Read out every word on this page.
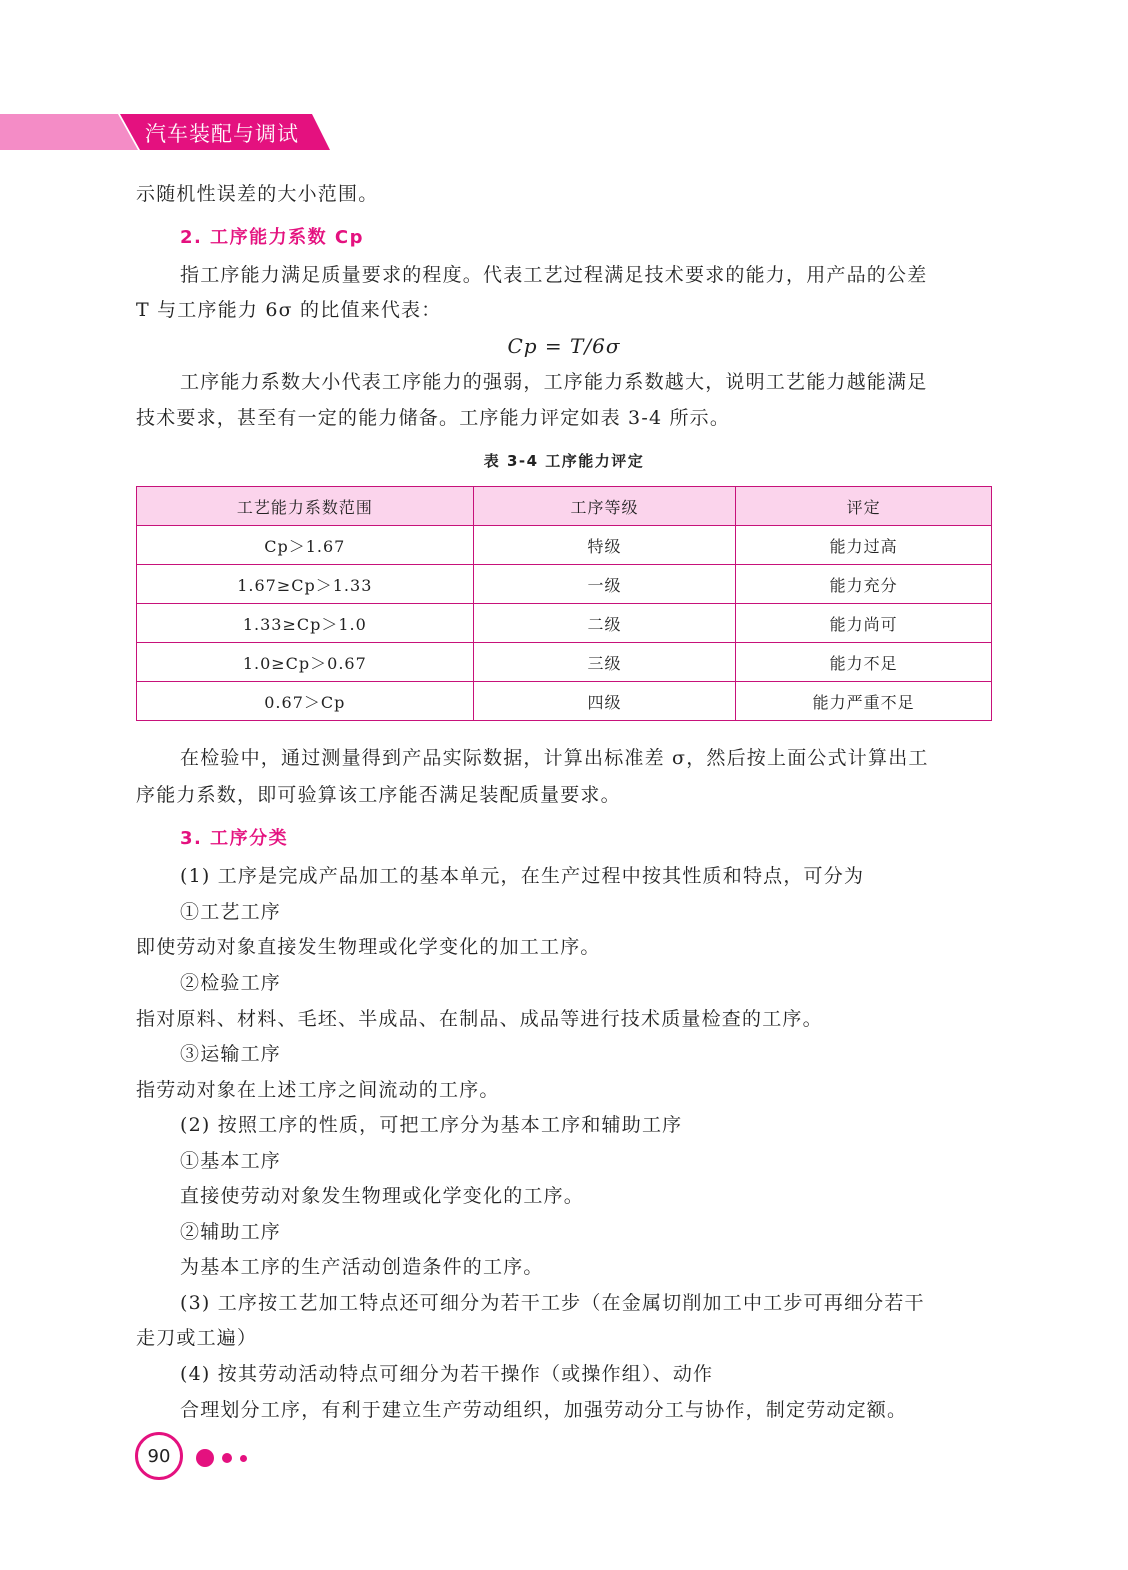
汽车装配与调试
示随机性误差的大小范围。
2. 工序能力系数 Cp
指工序能力满足质量要求的程度。代表工艺过程满足技术要求的能力，用产品的公差
T 与工序能力 6σ 的比值来代表：
Cp = T/6σ
工序能力系数大小代表工序能力的强弱，工序能力系数越大，说明工艺能力越能满足
技术要求，甚至有一定的能力储备。工序能力评定如表 3-4 所示。
表 3-4 工序能力评定
工艺能力系数范围	工序等级	评定
Cp＞1.67	特级	能力过高
1.67≥Cp＞1.33	一级	能力充分
1.33≥Cp＞1.0	二级	能力尚可
1.0≥Cp＞0.67	三级	能力不足
0.67＞Cp	四级	能力严重不足
在检验中，通过测量得到产品实际数据，计算出标准差 σ，然后按上面公式计算出工
序能力系数，即可验算该工序能否满足装配质量要求。
3. 工序分类
(1) 工序是完成产品加工的基本单元，在生产过程中按其性质和特点，可分为
①工艺工序
即使劳动对象直接发生物理或化学变化的加工工序。
②检验工序
指对原料、材料、毛坯、半成品、在制品、成品等进行技术质量检查的工序。
③运输工序
指劳动对象在上述工序之间流动的工序。
(2) 按照工序的性质，可把工序分为基本工序和辅助工序
①基本工序
直接使劳动对象发生物理或化学变化的工序。
②辅助工序
为基本工序的生产活动创造条件的工序。
(3) 工序按工艺加工特点还可细分为若干工步（在金属切削加工中工步可再细分若干
走刀或工遍）
(4) 按其劳动活动特点可细分为若干操作（或操作组）、动作
合理划分工序，有利于建立生产劳动组织，加强劳动分工与协作，制定劳动定额。
90
